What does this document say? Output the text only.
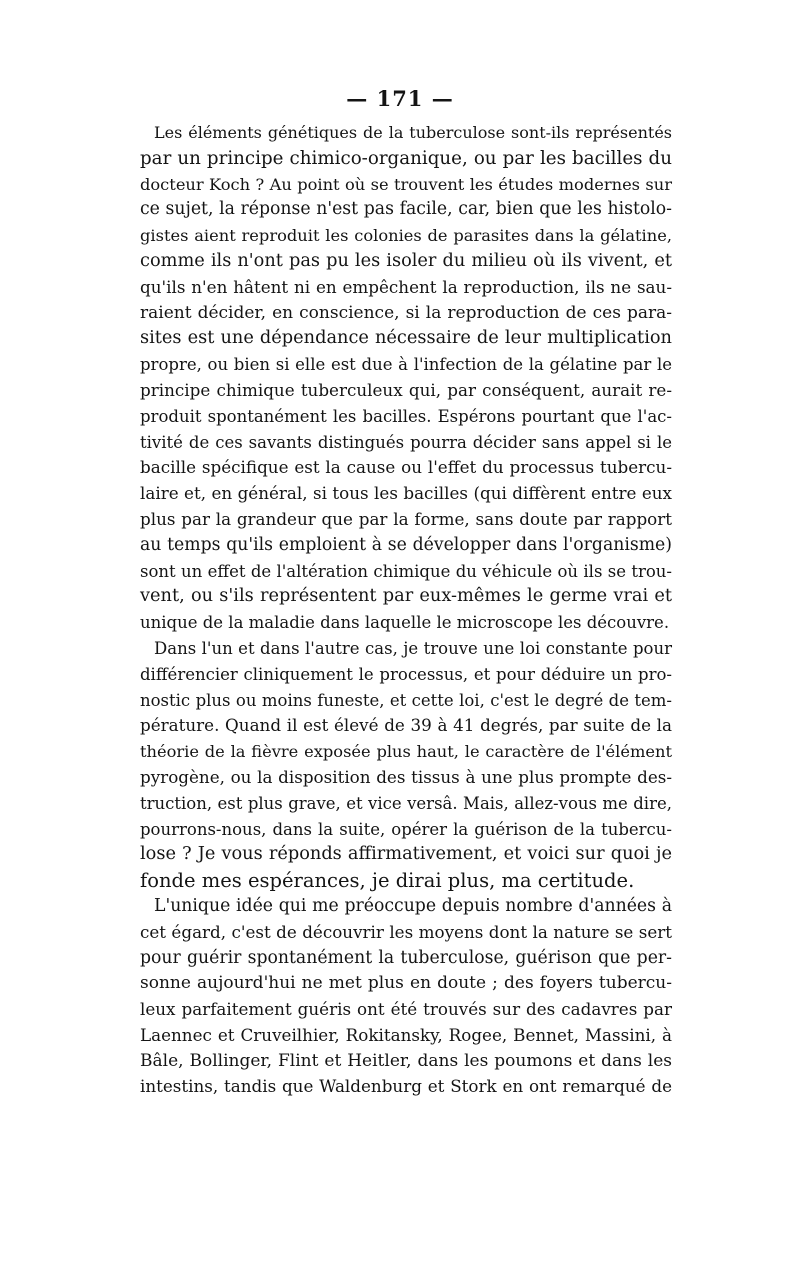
— 171 —
Les éléments génétiques de la tuberculose sont-ils représentés
par un principe chimico-organique, ou par les bacilles du
docteur Koch ? Au point où se trouvent les études modernes sur
ce sujet, la réponse n'est pas facile, car, bien que les histolo-
gistes aient reproduit les colonies de parasites dans la gélatine,
comme ils n'ont pas pu les isoler du milieu où ils vivent, et
qu'ils n'en hâtent ni en empêchent la reproduction, ils ne sau-
raient décider, en conscience, si la reproduction de ces para-
sites est une dépendance nécessaire de leur multiplication
propre, ou bien si elle est due à l'infection de la gélatine par le
principe chimique tuberculeux qui, par conséquent, aurait re-
produit spontanément les bacilles. Espérons pourtant que l'ac-
tivité de ces savants distingués pourra décider sans appel si le
bacille spécifique est la cause ou l'effet du processus tubercu-
laire et, en général, si tous les bacilles (qui diffèrent entre eux
plus par la grandeur que par la forme, sans doute par rapport
au temps qu'ils emploient à se développer dans l'organisme)
sont un effet de l'altération chimique du véhicule où ils se trou-
vent, ou s'ils représentent par eux-mêmes le germe vrai et
unique de la maladie dans laquelle le microscope les découvre.
Dans l'un et dans l'autre cas, je trouve une loi constante pour
différencier cliniquement le processus, et pour déduire un pro-
nostic plus ou moins funeste, et cette loi, c'est le degré de tem-
pérature. Quand il est élevé de 39 à 41 degrés, par suite de la
théorie de la fièvre exposée plus haut, le caractère de l'élément
pyrogène, ou la disposition des tissus à une plus prompte des-
truction, est plus grave, et vice versâ. Mais, allez-vous me dire,
pourrons-nous, dans la suite, opérer la guérison de la tubercu-
lose ? Je vous réponds affirmativement, et voici sur quoi je
fonde mes espérances, je dirai plus, ma certitude.
L'unique idée qui me préoccupe depuis nombre d'années à
cet égard, c'est de découvrir les moyens dont la nature se sert
pour guérir spontanément la tuberculose, guérison que per-
sonne aujourd'hui ne met plus en doute ; des foyers tubercu-
leux parfaitement guéris ont été trouvés sur des cadavres par
Laennec et Cruveilhier, Rokitansky, Rogee, Bennet, Massini, à
Bâle, Bollinger, Flint et Heitler, dans les poumons et dans les
intestins, tandis que Waldenburg et Stork en ont remarqué de
